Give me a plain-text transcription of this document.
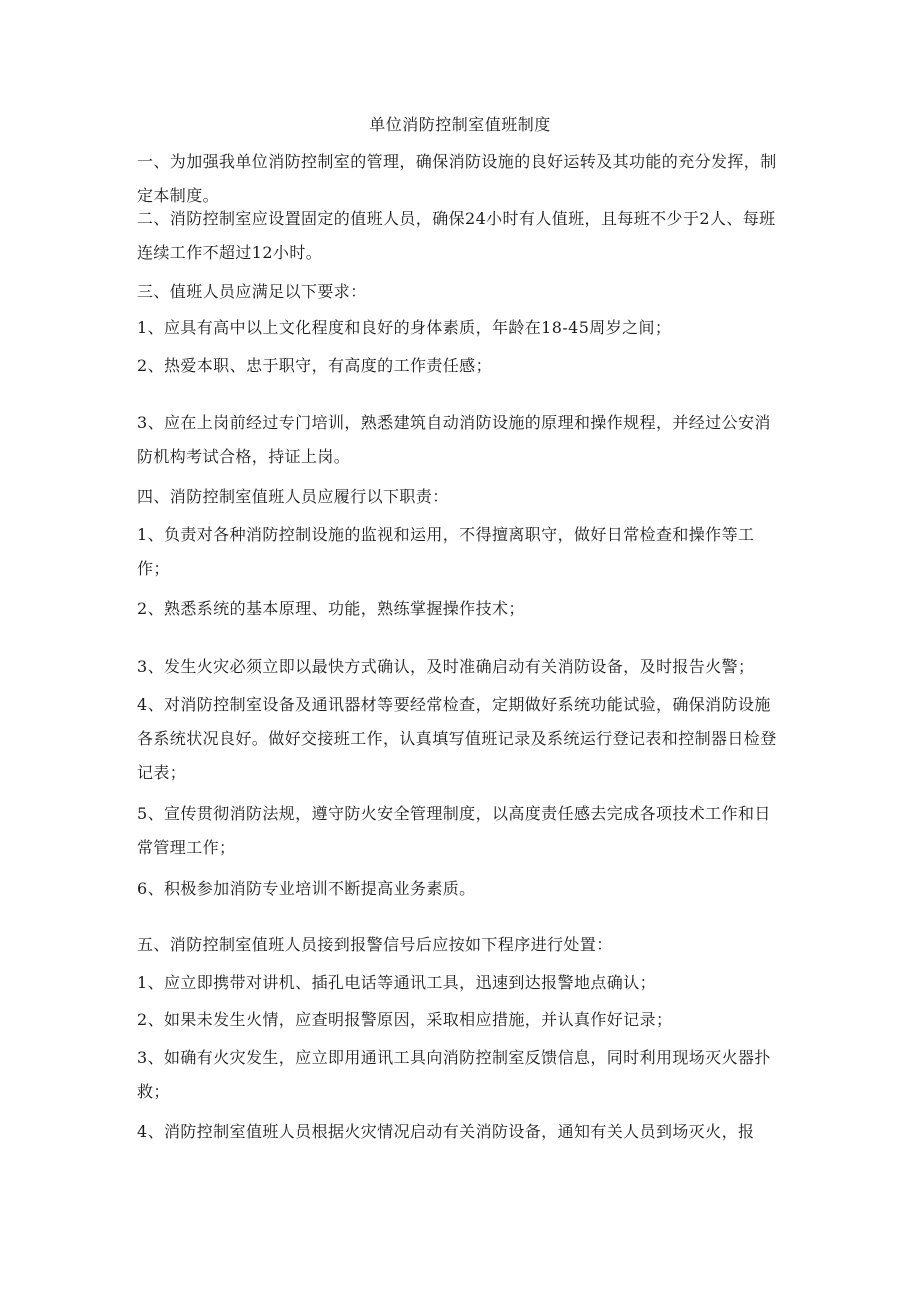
单位消防控制室值班制度
一、为加强我单位消防控制室的管理，确保消防设施的良好运转及其功能的充分发挥，制定本制度。
二、消防控制室应设置固定的值班人员，确保24小时有人值班，且每班不少于2人、每班连续工作不超过12小时。
三、值班人员应满足以下要求：
1、应具有高中以上文化程度和良好的身体素质，年龄在18-45周岁之间；
2、热爱本职、忠于职守，有高度的工作责任感；
3、应在上岗前经过专门培训，熟悉建筑自动消防设施的原理和操作规程，并经过公安消防机构考试合格，持证上岗。
四、消防控制室值班人员应履行以下职责：
1、负责对各种消防控制设施的监视和运用，不得擅离职守，做好日常检查和操作等工作；
2、熟悉系统的基本原理、功能，熟练掌握操作技术；
3、发生火灾必须立即以最快方式确认，及时准确启动有关消防设备，及时报告火警；
4、对消防控制室设备及通讯器材等要经常检查，定期做好系统功能试验，确保消防设施各系统状况良好。做好交接班工作，认真填写值班记录及系统运行登记表和控制器日检登记表；
5、宣传贯彻消防法规，遵守防火安全管理制度，以高度责任感去完成各项技术工作和日常管理工作；
6、积极参加消防专业培训不断提高业务素质。
五、消防控制室值班人员接到报警信号后应按如下程序进行处置：
1、应立即携带对讲机、插孔电话等通讯工具，迅速到达报警地点确认；
2、如果未发生火情，应查明报警原因，采取相应措施，并认真作好记录；
3、如确有火灾发生，应立即用通讯工具向消防控制室反馈信息，同时利用现场灭火器扑救；
4、消防控制室值班人员根据火灾情况启动有关消防设备，通知有关人员到场灭火，报
